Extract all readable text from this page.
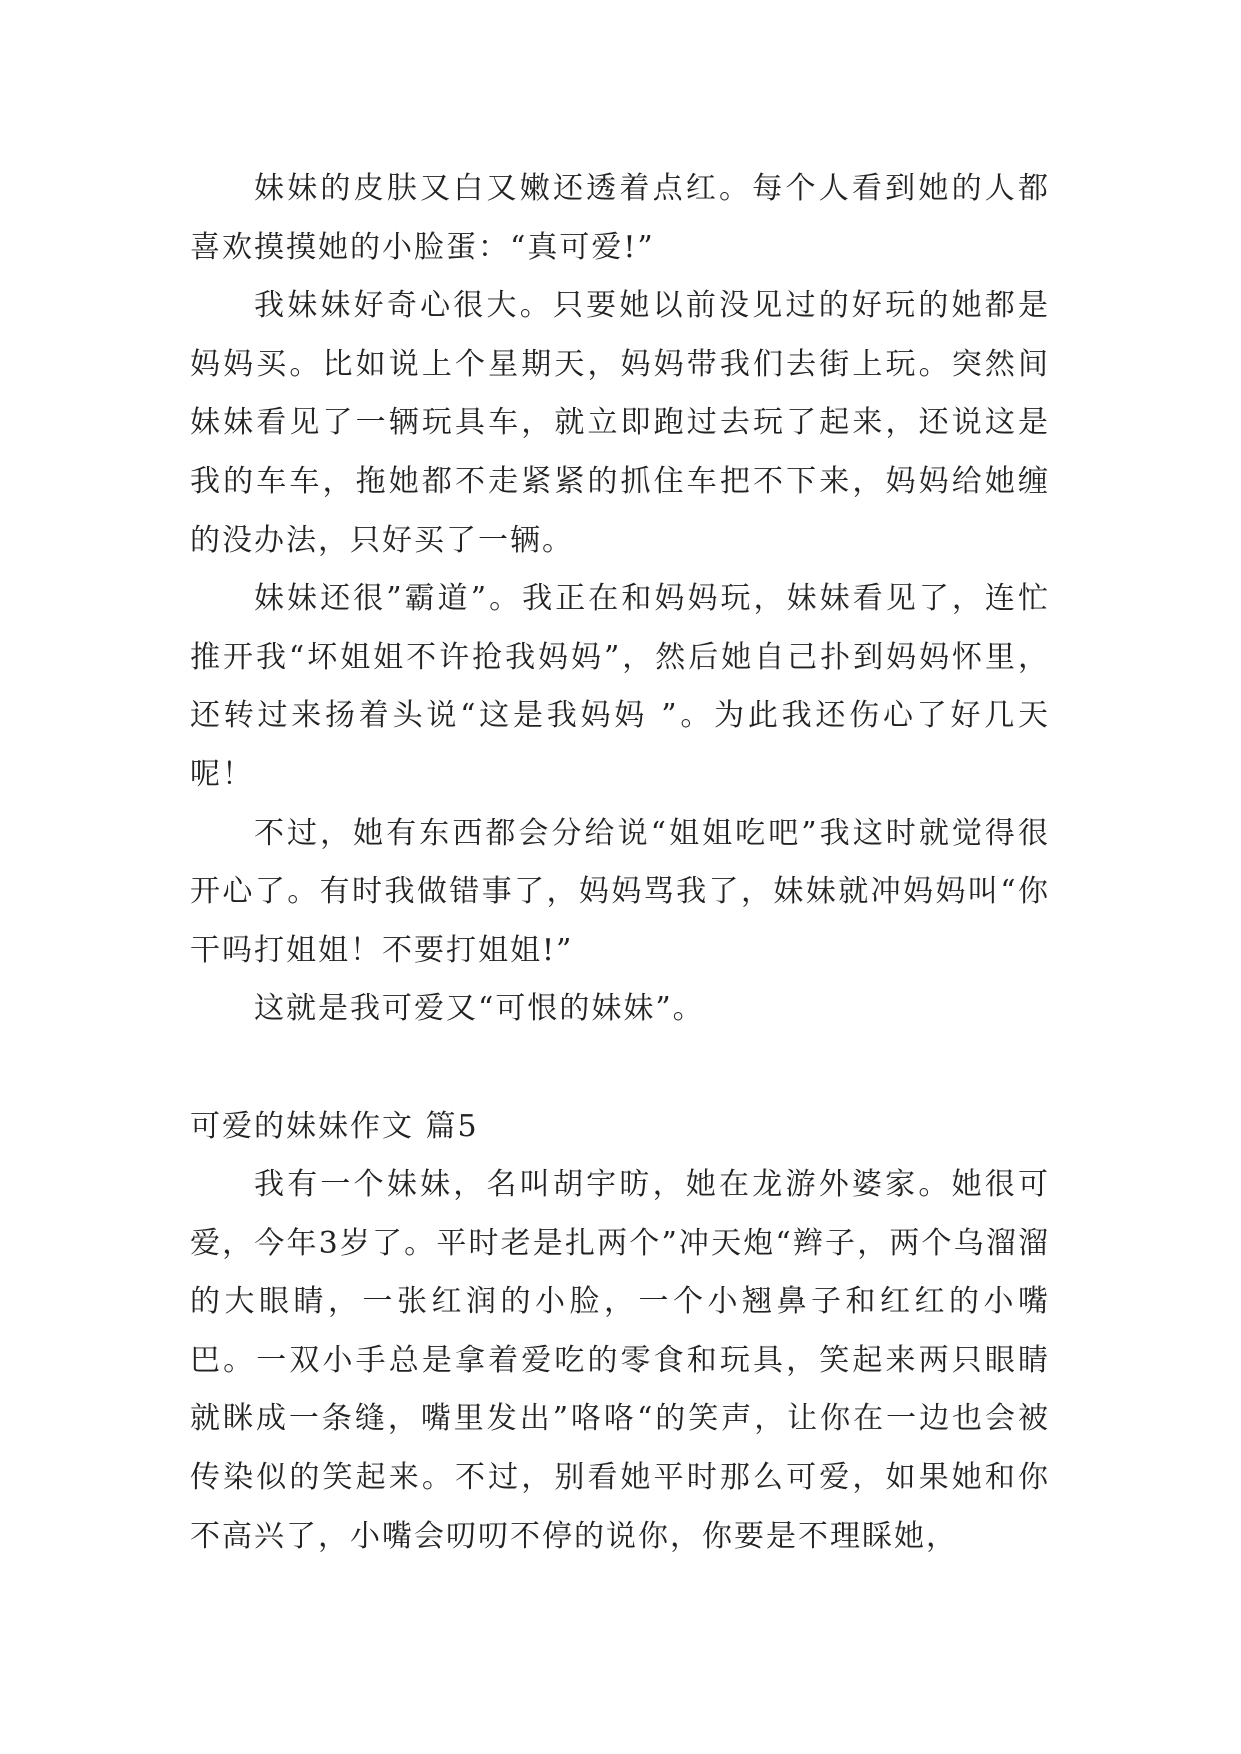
妹妹的皮肤又白又嫩还透着点红。每个人看到她的人都喜欢摸摸她的小脸蛋：“真可爱!”

我妹妹好奇心很大。只要她以前没见过的好玩的她都是妈妈买。比如说上个星期天，妈妈带我们去街上玩。突然间妹妹看见了一辆玩具车，就立即跑过去玩了起来，还说这是我的车车，拖她都不走紧紧的抓住车把不下来，妈妈给她缠的没办法，只好买了一辆。

妹妹还很”霸道”。我正在和妈妈玩，妹妹看见了，连忙推开我“坏姐姐不许抢我妈妈”，然后她自己扑到妈妈怀里，还转过来扬着头说“这是我妈妈 ”。为此我还伤心了好几天呢！

不过，她有东西都会分给说“姐姐吃吧”我这时就觉得很开心了。有时我做错事了，妈妈骂我了，妹妹就冲妈妈叫“你干吗打姐姐！不要打姐姐!”

这就是我可爱又“可恨的妹妹”。

可爱的妹妹作文 篇5

我有一个妹妹，名叫胡宇昉，她在龙游外婆家。她很可爱，今年3岁了。平时老是扎两个”冲天炮“辫子，两个乌溜溜的大眼睛，一张红润的小脸，一个小翘鼻子和红红的小嘴巴。一双小手总是拿着爱吃的零食和玩具，笑起来两只眼睛就眯成一条缝，嘴里发出”咯咯“的笑声，让你在一边也会被传染似的笑起来。不过，别看她平时那么可爱，如果她和你不高兴了，小嘴会叨叨不停的说你，你要是不理睬她，
